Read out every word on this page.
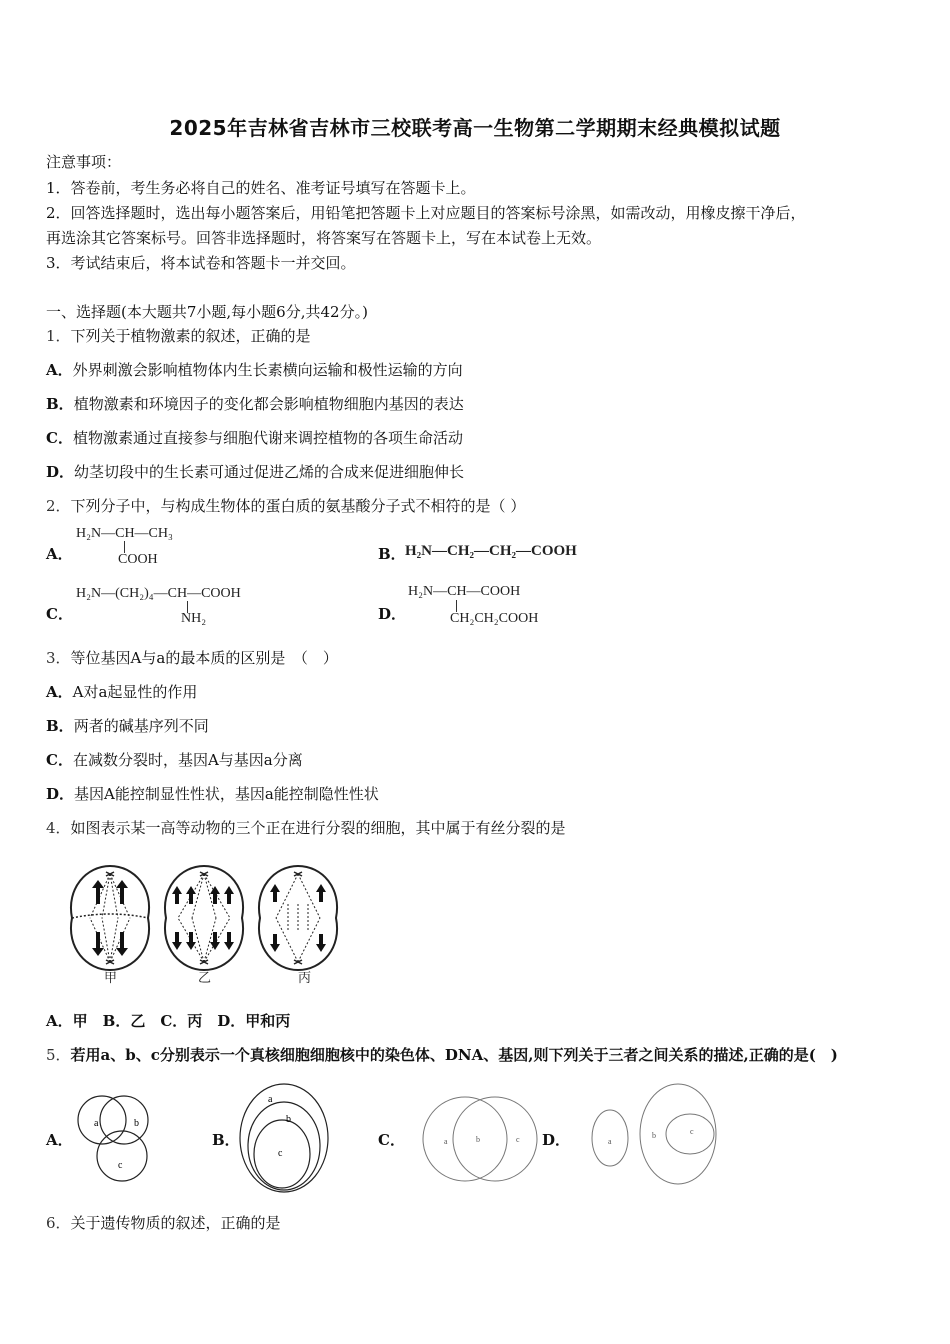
2025年吉林省吉林市三校联考高一生物第二学期期末经典模拟试题
注意事项：
1．答卷前，考生务必将自己的姓名、准考证号填写在答题卡上。
2．回答选择题时，选出每小题答案后，用铅笔把答题卡上对应题目的答案标号涂黑，如需改动，用橡皮擦干净后，
再选涂其它答案标号。回答非选择题时，将答案写在答题卡上，写在本试卷上无效。
3．考试结束后，将本试卷和答题卡一并交回。
一、选择题(本大题共7小题,每小题6分,共42分。)
1．下列关于植物激素的叙述，正确的是
A．外界刺激会影响植物体内生长素横向运输和极性运输的方向
B．植物激素和环境因子的变化都会影响植物细胞内基因的表达
C．植物激素通过直接参与细胞代谢来调控植物的各项生命活动
D．幼茎切段中的生长素可通过促进乙烯的合成来促进细胞伸长
2．下列分子中，与构成生物体的蛋白质的氨基酸分子式不相符的是（ ）
A．
H₂N—CH—CH₃
COOH	B． H₂N—CH₂—CH₂—COOH
C．
H₂N—(CH₂)₄—CH—COOH
NH₂	D．
H₂N—CH—COOH
CH₂CH₂COOH
3．等位基因A与a的最本质的区别是　（　）
A．A对a起显性的作用
B．两者的碱基序列不同
C．在减数分裂时，基因A与基因a分离
D．基因A能控制显性性状，基因a能控制隐性性状
4．如图表示某一高等动物的三个正在进行分裂的细胞，其中属于有丝分裂的是
甲	乙	丙
A．甲　B．乙　C．丙　D．甲和丙
5．若用a、b、c分别表示一个真核细胞细胞核中的染色体、DNA、基因,则下列关于三者之间关系的描述,正确的是(　)
A．
a	b
c
B．
a
b
c
C．	a	b	c D．	a
b	c
6．关于遗传物质的叙述，正确的是
